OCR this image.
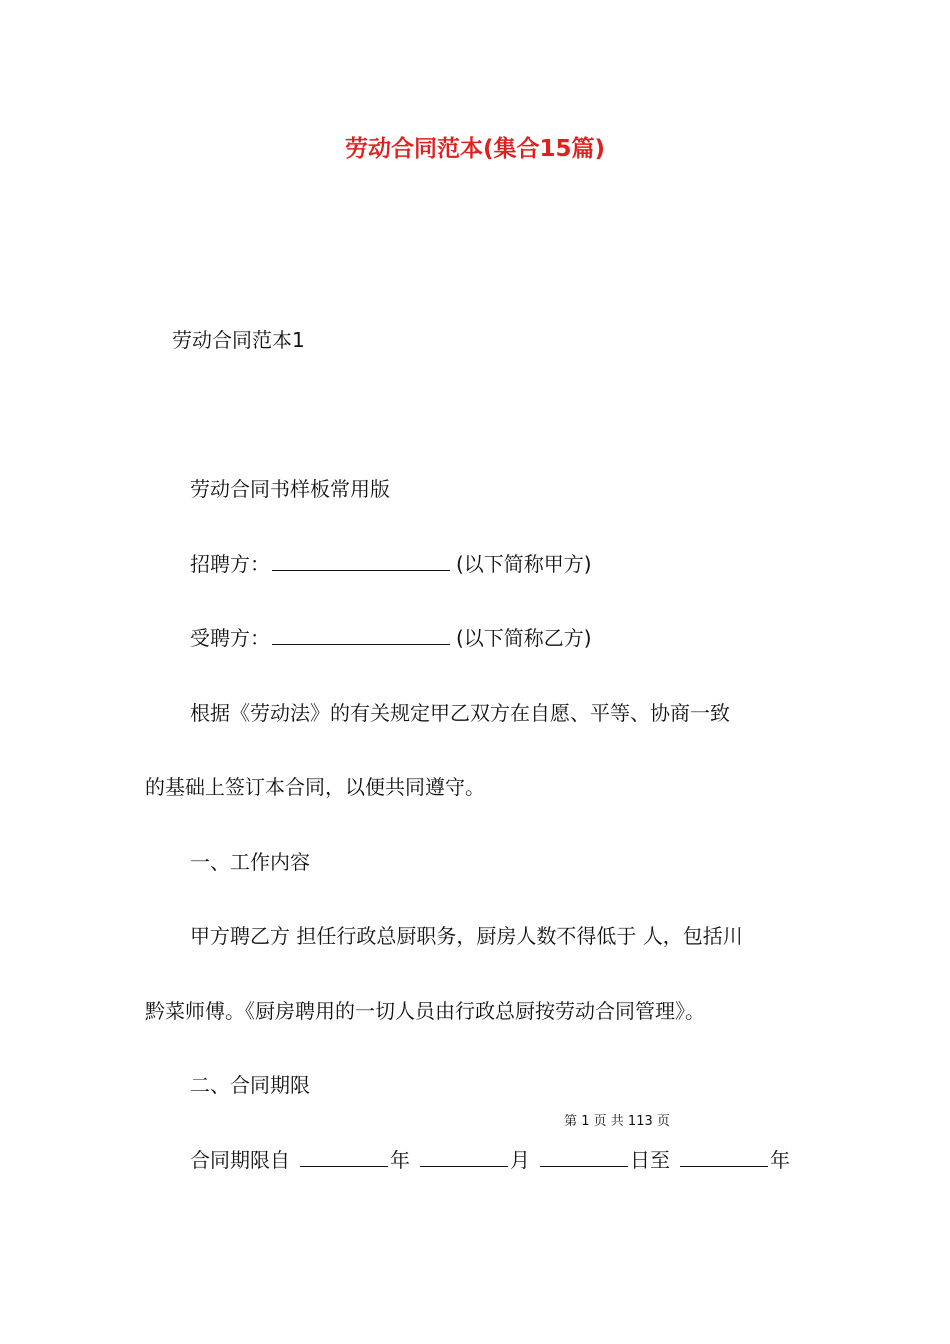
劳动合同范本(集合15篇)
劳动合同范本1
劳动合同书样板常用版
招聘方：	(以下简称甲方)
受聘方：	(以下简称乙方)
根据《劳动法》的有关规定甲乙双方在自愿、平等、协商一致
的基础上签订本合同，以便共同遵守。
一、工作内容
甲方聘乙方 担任行政总厨职务，厨房人数不得低于 人，包括川
黔菜师傅。《厨房聘用的一切人员由行政总厨按劳动合同管理》。
二、合同期限
第 1 页 共 113 页
合同期限自	年	月	日至	年
